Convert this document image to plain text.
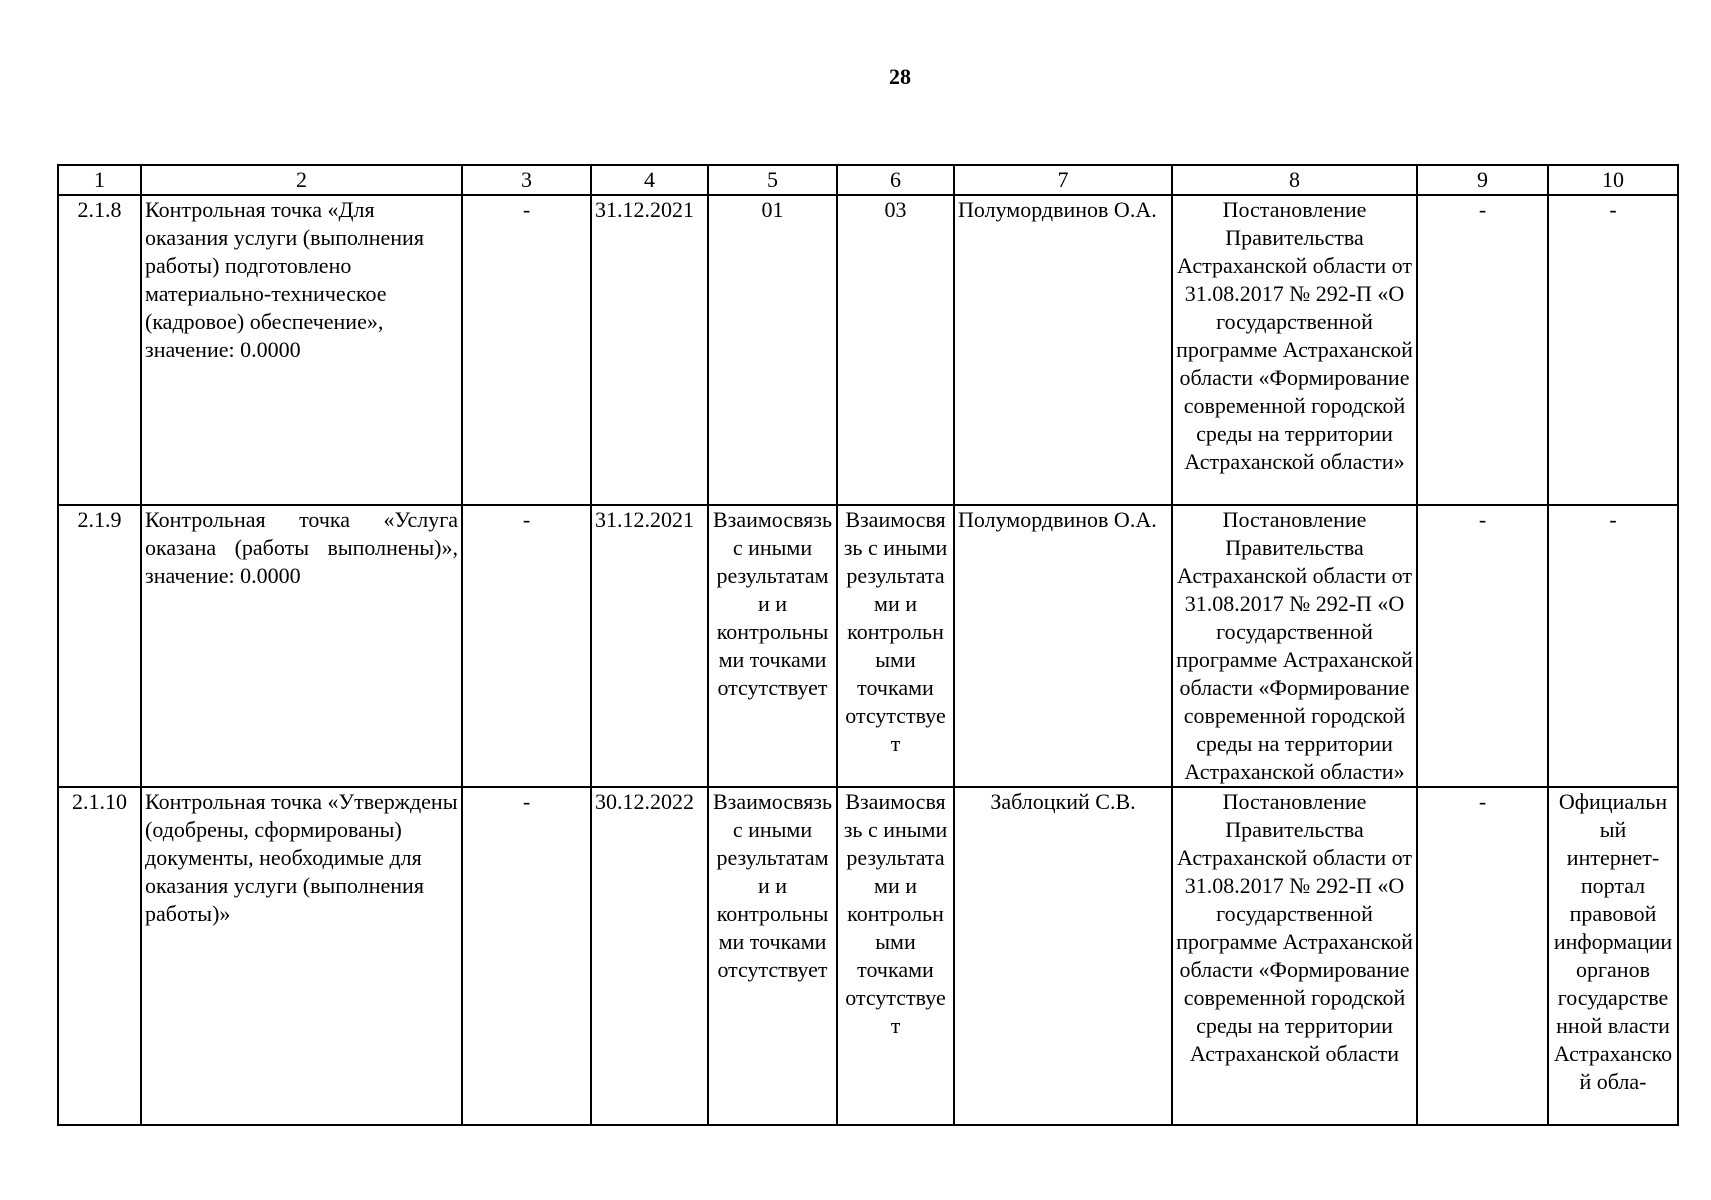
28
1	2	3	4	5	6	7	8	9	10
2.1.8	Контрольная точка «Для оказания услуги (выполнения работы) подготовлено материально-техническое (кадровое) обеспечение», значение: 0.0000	-	31.12.2021	01	03	Полумордвинов О.А.	Постановление Правительства Астраханской области от 31.08.2017 № 292-П «О государственной программе Астраханской области «Формирование современной городской среды на территории Астраханской области»	-	-
2.1.9	Контрольная точка «Услуга оказана (работы выполнены)», значение: 0.0000	-	31.12.2021	Взаимосвязь с иными результатами и контрольными точками отсутствует	Взаимосвязь с иными результатами и контрольными точками отсутствует	Полумордвинов О.А.	Постановление Правительства Астраханской области от 31.08.2017 № 292-П «О государственной программе Астраханской области «Формирование современной городской среды на территории Астраханской области»	-	-
2.1.10	Контрольная точка «Утверждены (одобрены, сформированы) документы, необходимые для оказания услуги (выполнения работы)»	-	30.12.2022	Взаимосвязь с иными результатами и контрольными точками отсутствует	Взаимосвязь с иными результатами и контрольными точками отсутствует	Заблоцкий С.В.	Постановление Правительства Астраханской области от 31.08.2017 № 292-П «О государственной программе Астраханской области «Формирование современной городской среды на территории Астраханской области	-	Официальный интернет-портал правовой информации органов государственной власти Астраханской обла-
